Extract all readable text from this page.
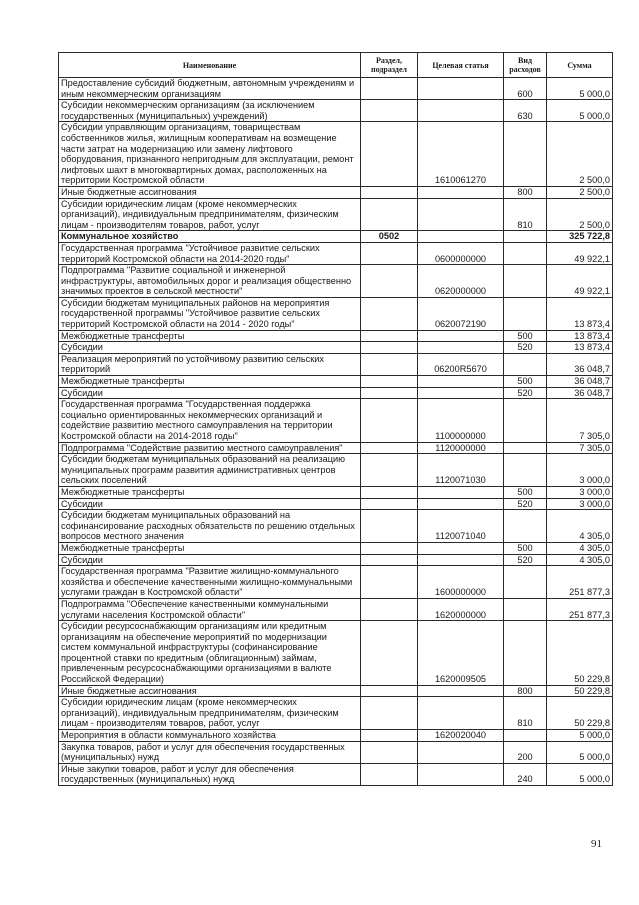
Наименование	Раздел, подраздел	Целевая статья	Вид расходов	Сумма
Предоставление субсидий бюджетным, автономным учреждениям и иным некоммерческим организациям			600	5 000,0
Субсидии некоммерческим организациям (за исключением государственных (муниципальных) учреждений)			630	5 000,0
Субсидии управляющим организациям, товариществам собственников жилья, жилищным кооперативам на возмещение части затрат на модернизацию или замену лифтового оборудования, признанного непригодным для эксплуатации, ремонт лифтовых шахт в многоквартирных домах, расположенных на территории Костромской области		1610061270		2 500,0
Иные бюджетные ассигнования			800	2 500,0
Субсидии юридическим лицам (кроме некоммерческих организаций), индивидуальным предпринимателям, физическим лицам - производителям товаров, работ, услуг			810	2 500,0
Коммунальное хозяйство	0502			325 722,8
Государственная программа "Устойчивое развитие сельских территорий Костромской области на 2014-2020 годы"		0600000000		49 922,1
Подпрограмма "Развитие социальной и инженерной инфраструктуры, автомобильных дорог и реализация общественно значимых проектов в сельской местности"		0620000000		49 922,1
Субсидии бюджетам муниципальных районов на мероприятия государственной программы "Устойчивое развитие сельских территорий Костромской области на 2014 - 2020 годы"		0620072190		13 873,4
Межбюджетные трансферты			500	13 873,4
Субсидии			520	13 873,4
Реализация мероприятий по устойчивому развитию сельских территорий		06200R5670		36 048,7
Межбюджетные трансферты			500	36 048,7
Субсидии			520	36 048,7
Государственная программа "Государственная поддержка социально ориентированных некоммерческих организаций и содействие развитию местного самоуправления на территории Костромской области на 2014-2018 годы"		1100000000		7 305,0
Подпрограмма "Содействие развитию местного самоуправления"		1120000000		7 305,0
Субсидии бюджетам муниципальных образований на реализацию муниципальных программ развития административных центров сельских поселений		1120071030		3 000,0
Межбюджетные трансферты			500	3 000,0
Субсидии			520	3 000,0
Субсидии бюджетам муниципальных образований на софинансирование расходных обязательств по решению отдельных вопросов местного значения		1120071040		4 305,0
Межбюджетные трансферты			500	4 305,0
Субсидии			520	4 305,0
Государственная программа "Развитие жилищно-коммунального хозяйства и обеспечение качественными жилищно-коммунальными услугами граждан в Костромской области"		1600000000		251 877,3
Подпрограмма "Обеспечение качественными коммунальными услугами населения Костромской области"		1620000000		251 877,3
Субсидии ресурсоснабжающим организациям или кредитным организациям на обеспечение мероприятий по модернизации систем коммунальной инфраструктуры (софинансирование процентной ставки по кредитным (облигационным) займам, привлеченным ресурсоснабжающими организациями в валюте Российской Федерации)		1620009505		50 229,8
Иные бюджетные ассигнования			800	50 229,8
Субсидии юридическим лицам (кроме некоммерческих организаций), индивидуальным предпринимателям, физическим лицам - производителям товаров, работ, услуг			810	50 229,8
Мероприятия в области коммунального хозяйства		1620020040		5 000,0
Закупка товаров, работ и услуг для обеспечения государственных (муниципальных) нужд			200	5 000,0
Иные закупки товаров, работ и услуг для обеспечения государственных (муниципальных) нужд			240	5 000,0
91
